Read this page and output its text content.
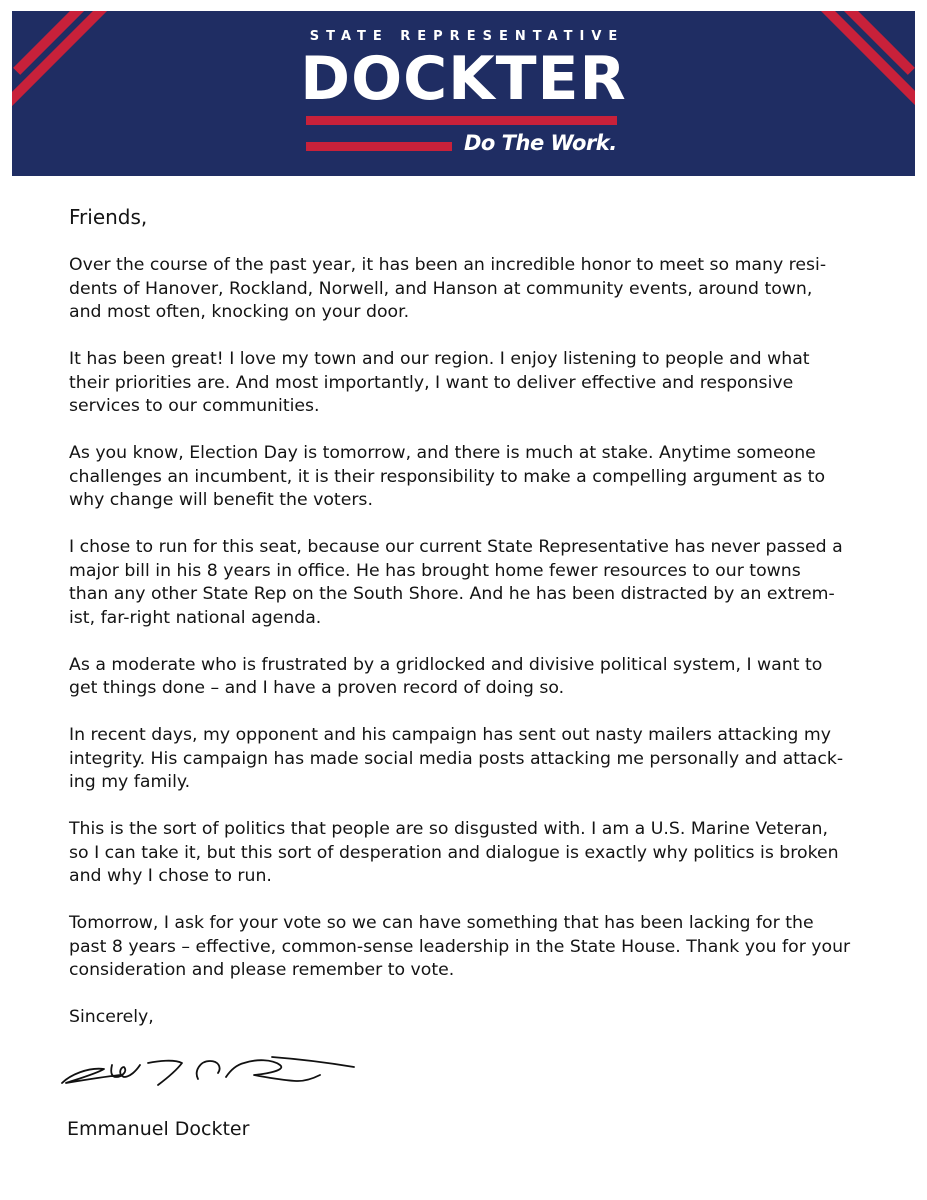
STATE REPRESENTATIVE
DOCKTER
Do The Work.

Friends,

Over the course of the past year, it has been an incredible honor to meet so many resi-
dents of Hanover, Rockland, Norwell, and Hanson at community events, around town,
and most often, knocking on your door.

It has been great! I love my town and our region. I enjoy listening to people and what
their priorities are. And most importantly, I want to deliver effective and responsive
services to our communities.

As you know, Election Day is tomorrow, and there is much at stake. Anytime someone
challenges an incumbent, it is their responsibility to make a compelling argument as to
why change will benefit the voters.

I chose to run for this seat, because our current State Representative has never passed a
major bill in his 8 years in office. He has brought home fewer resources to our towns
than any other State Rep on the South Shore. And he has been distracted by an extrem-
ist, far-right national agenda.

As a moderate who is frustrated by a gridlocked and divisive political system, I want to
get things done – and I have a proven record of doing so.

In recent days, my opponent and his campaign has sent out nasty mailers attacking my
integrity. His campaign has made social media posts attacking me personally and attack-
ing my family.

This is the sort of politics that people are so disgusted with. I am a U.S. Marine Veteran,
so I can take it, but this sort of desperation and dialogue is exactly why politics is broken
and why I chose to run.

Tomorrow, I ask for your vote so we can have something that has been lacking for the
past 8 years – effective, common-sense leadership in the State House. Thank you for your
consideration and please remember to vote.

Sincerely,

Emmanuel Dockter
